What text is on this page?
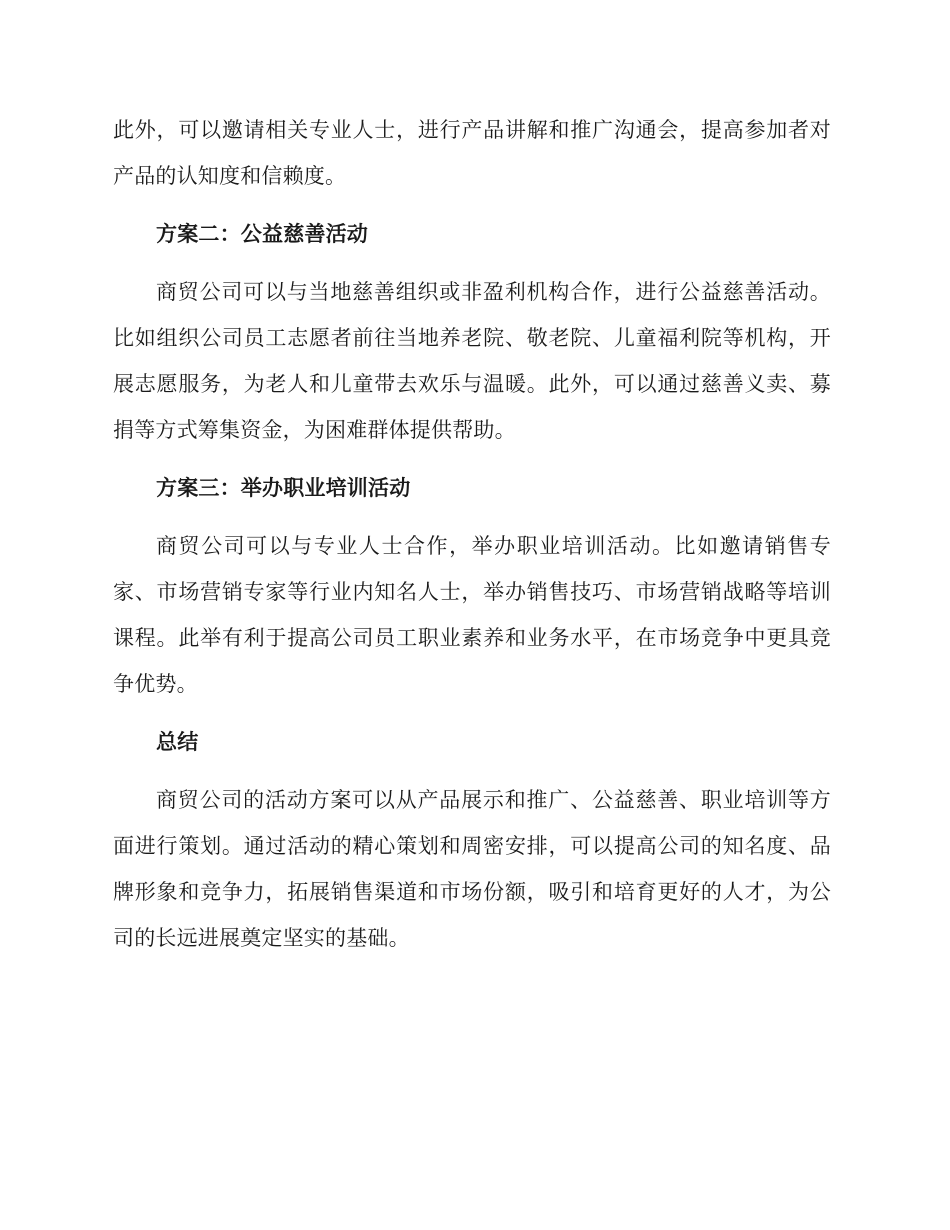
此外，可以邀请相关专业人士，进行产品讲解和推广沟通会，提高参加者对产品的认知度和信赖度。

方案二：公益慈善活动

商贸公司可以与当地慈善组织或非盈利机构合作，进行公益慈善活动。比如组织公司员工志愿者前往当地养老院、敬老院、儿童福利院等机构，开展志愿服务，为老人和儿童带去欢乐与温暖。此外，可以通过慈善义卖、募捐等方式筹集资金，为困难群体提供帮助。

方案三：举办职业培训活动

商贸公司可以与专业人士合作，举办职业培训活动。比如邀请销售专家、市场营销专家等行业内知名人士，举办销售技巧、市场营销战略等培训课程。此举有利于提高公司员工职业素养和业务水平，在市场竞争中更具竞争优势。

总结

商贸公司的活动方案可以从产品展示和推广、公益慈善、职业培训等方面进行策划。通过活动的精心策划和周密安排，可以提高公司的知名度、品牌形象和竞争力，拓展销售渠道和市场份额，吸引和培育更好的人才，为公司的长远进展奠定坚实的基础。
